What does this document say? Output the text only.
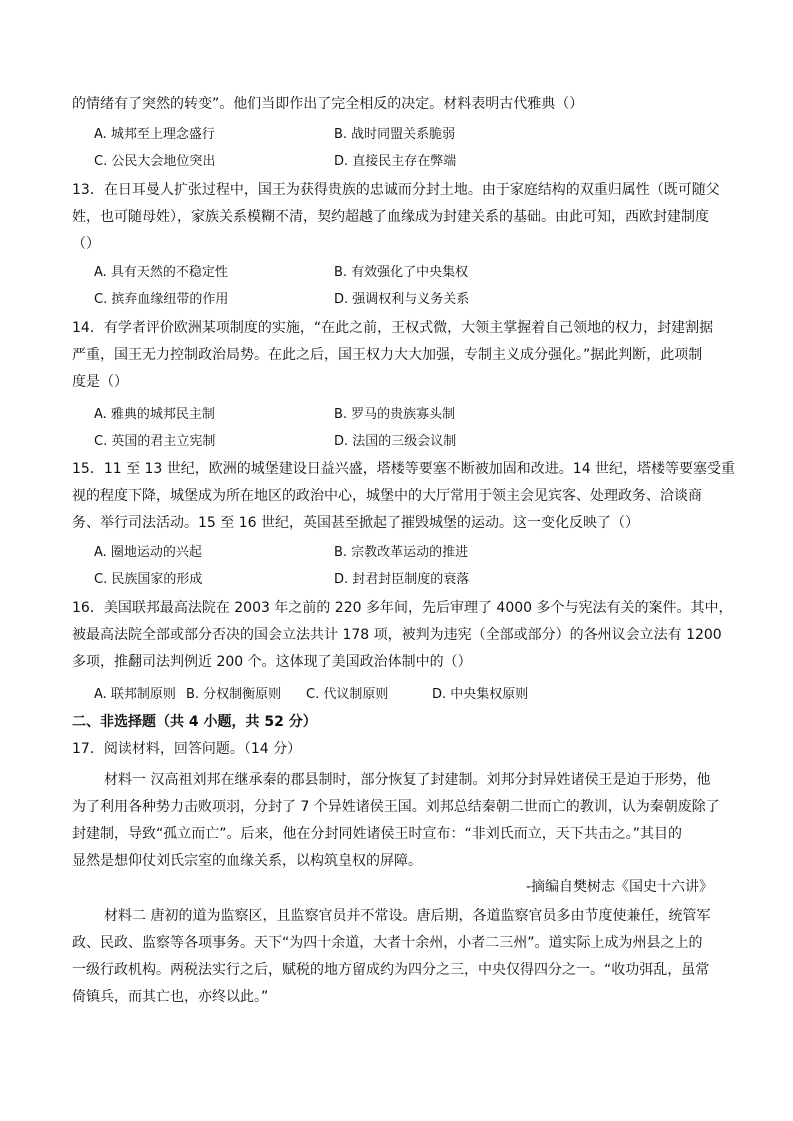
的情绪有了突然的转变”。他们当即作出了完全相反的决定。材料表明古代雅典（）
A. 城邦至上理念盛行	B. 战时同盟关系脆弱
C. 公民大会地位突出	D. 直接民主存在弊端
13．在日耳曼人扩张过程中，国王为获得贵族的忠诚而分封土地。由于家庭结构的双重归属性（既可随父
姓，也可随母姓），家族关系模糊不清，契约超越了血缘成为封建关系的基础。由此可知，西欧封建制度
（）
A. 具有天然的不稳定性	B. 有效强化了中央集权
C. 摈弃血缘纽带的作用	D. 强调权利与义务关系
14．有学者评价欧洲某项制度的实施，“在此之前，王权式微，大领主掌握着自己领地的权力，封建割据
严重，国王无力控制政治局势。在此之后，国王权力大大加强，专制主义成分强化。”据此判断，此项制
度是（）
A. 雅典的城邦民主制	B. 罗马的贵族寡头制
C. 英国的君主立宪制	D. 法国的三级会议制
15．11 至 13 世纪，欧洲的城堡建设日益兴盛，塔楼等要塞不断被加固和改进。14 世纪，塔楼等要塞受重
视的程度下降，城堡成为所在地区的政治中心，城堡中的大厅常用于领主会见宾客、处理政务、洽谈商
务、举行司法活动。15 至 16 世纪，英国甚至掀起了摧毁城堡的运动。这一变化反映了（）
A. 圈地运动的兴起	B. 宗教改革运动的推进
C. 民族国家的形成	D. 封君封臣制度的衰落
16．美国联邦最高法院在 2003 年之前的 220 多年间，先后审理了 4000 多个与宪法有关的案件。其中，
被最高法院全部或部分否决的国会立法共计 178 项，被判为违宪（全部或部分）的各州议会立法有 1200
多项，推翻司法判例近 200 个。这体现了美国政治体制中的（）
A. 联邦制原则 B. 分权制衡原则 C. 代议制原则	D. 中央集权原则
二、非选择题（共 4 小题，共 52 分）
17．阅读材料，回答问题。（14 分）
材料一 汉高祖刘邦在继承秦的郡县制时，部分恢复了封建制。刘邦分封异姓诸侯王是迫于形势，他
为了利用各种势力击败项羽，分封了 7 个异姓诸侯王国。刘邦总结秦朝二世而亡的教训，认为秦朝废除了
封建制，导致“孤立而亡”。后来，他在分封同姓诸侯王时宣布：“非刘氏而立，天下共击之。”其目的
显然是想仰仗刘氏宗室的血缘关系，以构筑皇权的屏障。
-摘编自樊树志《国史十六讲》
材料二 唐初的道为监察区，且监察官员并不常设。唐后期，各道监察官员多由节度使兼任，统管军
政、民政、监察等各项事务。天下“为四十余道，大者十余州，小者二三州”。道实际上成为州县之上的
一级行政机构。两税法实行之后，赋税的地方留成约为四分之三，中央仅得四分之一。“收功弭乱，虽常
倚镇兵，而其亡也，亦终以此。”
